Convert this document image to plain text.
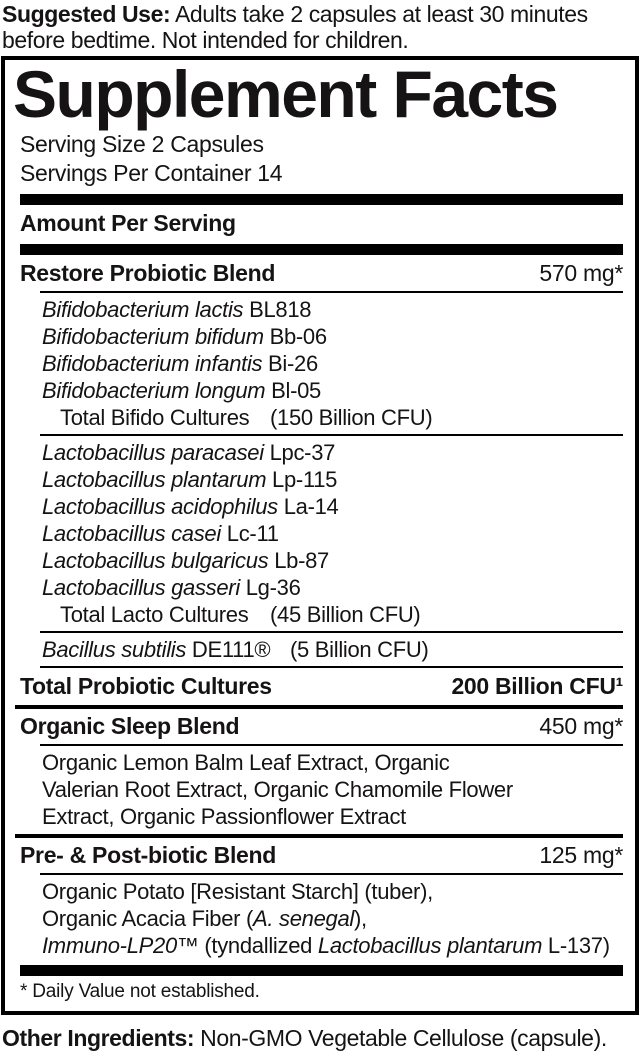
Suggested Use: Adults take 2 capsules at least 30 minutes
before bedtime. Not intended for children.
Supplement Facts
Serving Size 2 Capsules
Servings Per Container 14
Amount Per Serving
Restore Probiotic Blend	570 mg*
Bifidobacterium lactis BL818
Bifidobacterium bifidum Bb-06
Bifidobacterium infantis Bi-26
Bifidobacterium longum Bl-05
Total Bifido Cultures (150 Billion CFU)
Lactobacillus paracasei Lpc-37
Lactobacillus plantarum Lp-115
Lactobacillus acidophilus La-14
Lactobacillus casei Lc-11
Lactobacillus bulgaricus Lb-87
Lactobacillus gasseri Lg-36
Total Lacto Cultures (45 Billion CFU)
Bacillus subtilis DE111® (5 Billion CFU)
Total Probiotic Cultures	200 Billion CFU¹
Organic Sleep Blend	450 mg*
Organic Lemon Balm Leaf Extract, Organic
Valerian Root Extract, Organic Chamomile Flower
Extract, Organic Passionflower Extract
Pre- & Post-biotic Blend	125 mg*
Organic Potato [Resistant Starch] (tuber),
Organic Acacia Fiber (A. senegal),
Immuno-LP20™ (tyndallized Lactobacillus plantarum L-137)
* Daily Value not established.
Other Ingredients: Non-GMO Vegetable Cellulose (capsule).
